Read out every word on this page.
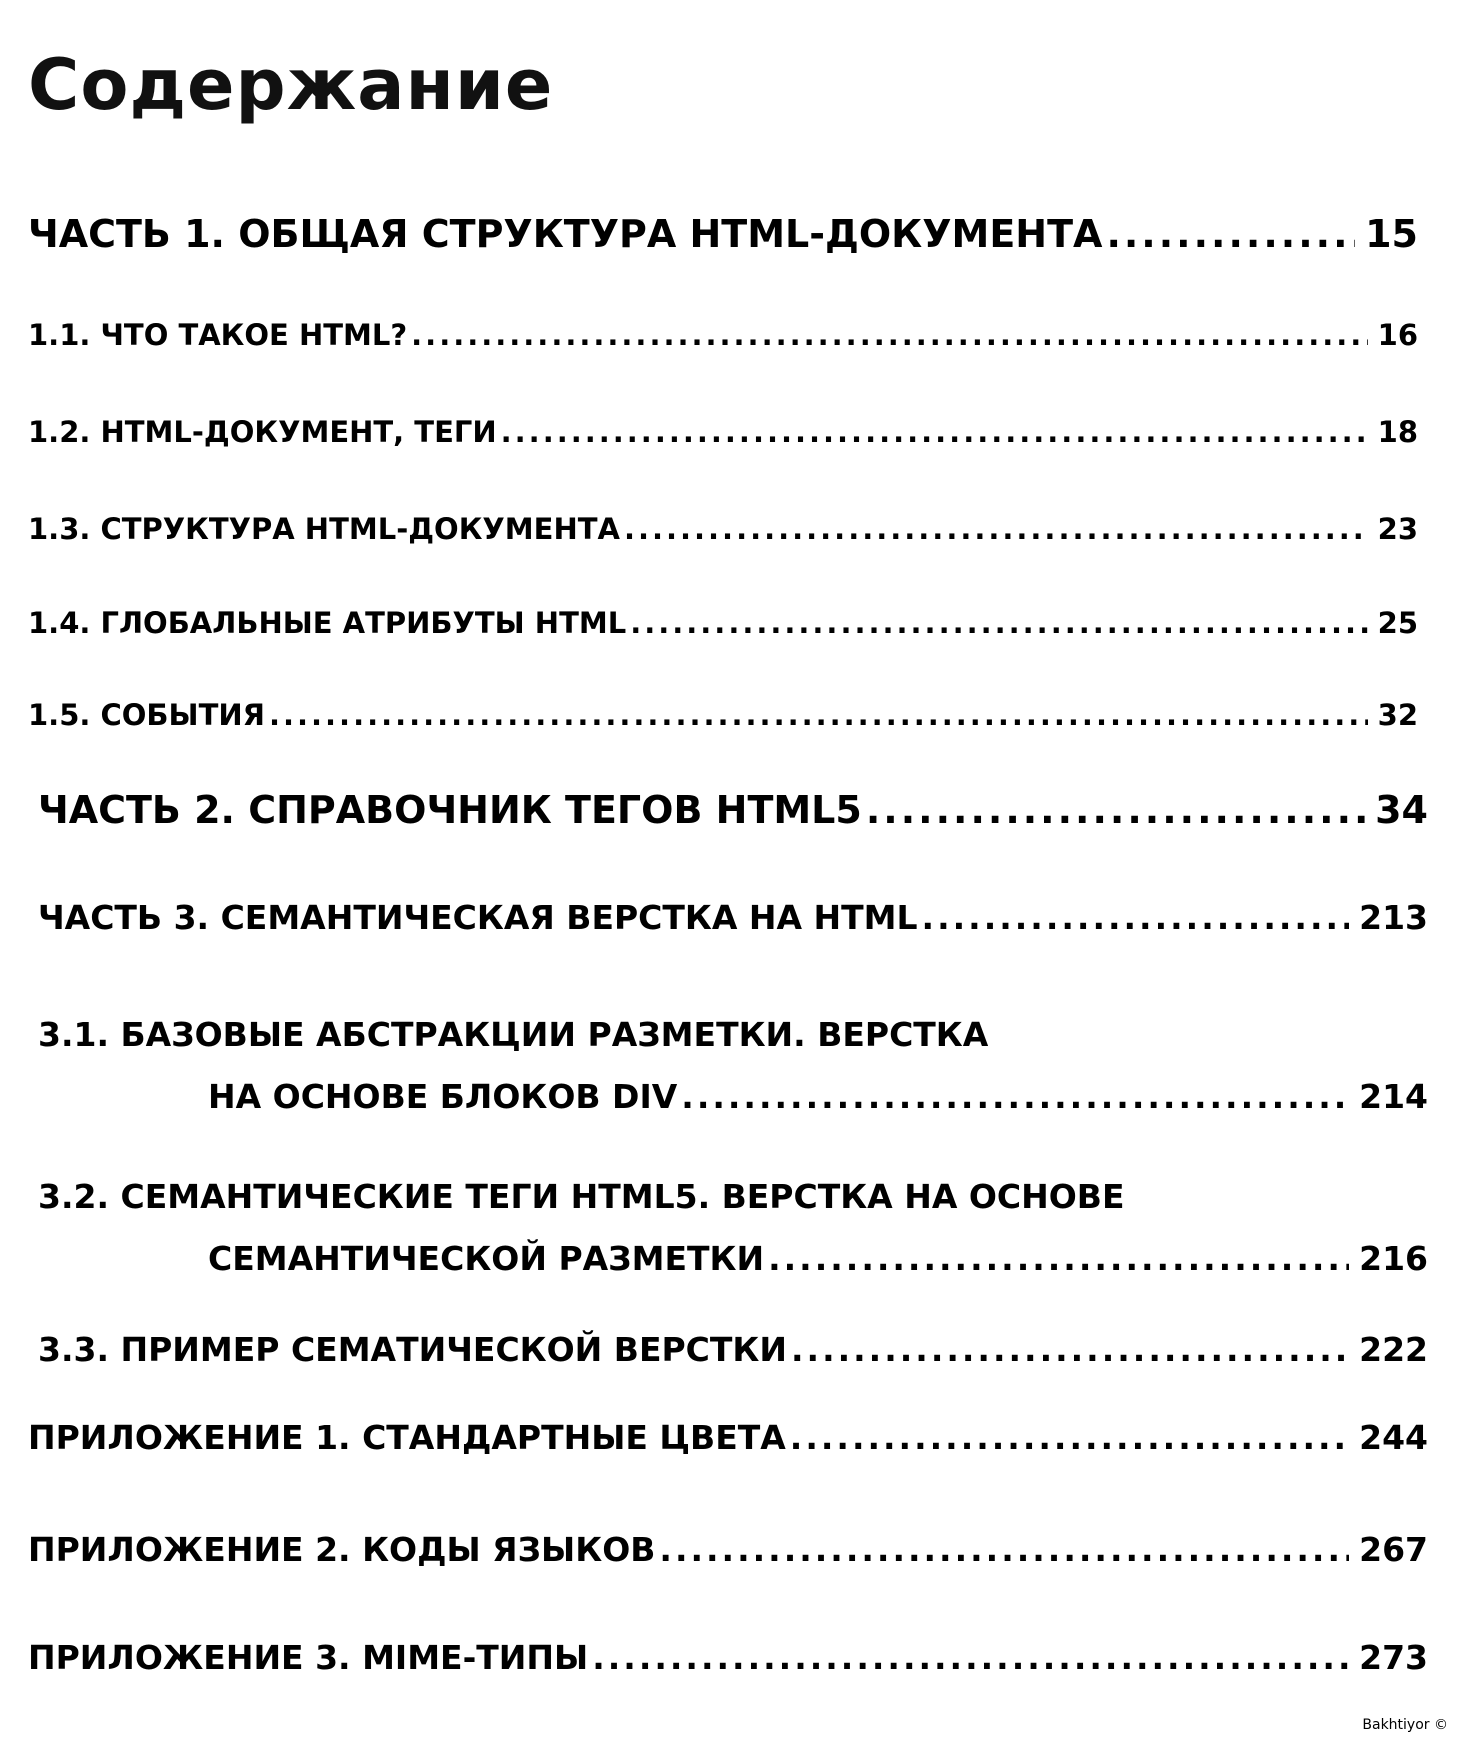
Содержание
ЧАСТЬ 1. ОБЩАЯ СТРУКТУРА HTML-ДОКУМЕНТА .....	15
1.1. ЧТО ТАКОЕ HTML? .....	16
1.2. HTML-ДОКУМЕНТ, ТЕГИ .....	18
1.3. СТРУКТУРА HTML-ДОКУМЕНТА .....	23
1.4. ГЛОБАЛЬНЫЕ АТРИБУТЫ HTML .....	25
1.5. СОБЫТИЯ .....	32
ЧАСТЬ 2. СПРАВОЧНИК ТЕГОВ HTML5 .....	34
ЧАСТЬ 3. СЕМАНТИЧЕСКАЯ ВЕРСТКА НА HTML .....	213
3.1. БАЗОВЫЕ АБСТРАКЦИИ РАЗМЕТКИ. ВЕРСТКА
НА ОСНОВЕ БЛОКОВ DIV .....	214
3.2. СЕМАНТИЧЕСКИЕ ТЕГИ HTML5. ВЕРСТКА НА ОСНОВЕ
СЕМАНТИЧЕСКОЙ РАЗМЕТКИ .....	216
3.3. ПРИМЕР СЕМАТИЧЕСКОЙ ВЕРСТКИ .....	222
ПРИЛОЖЕНИЕ 1. СТАНДАРТНЫЕ ЦВЕТА .....	244
ПРИЛОЖЕНИЕ 2. КОДЫ ЯЗЫКОВ .....	267
ПРИЛОЖЕНИЕ 3. MIME-ТИПЫ .....	273
Bakhtiyor ©
